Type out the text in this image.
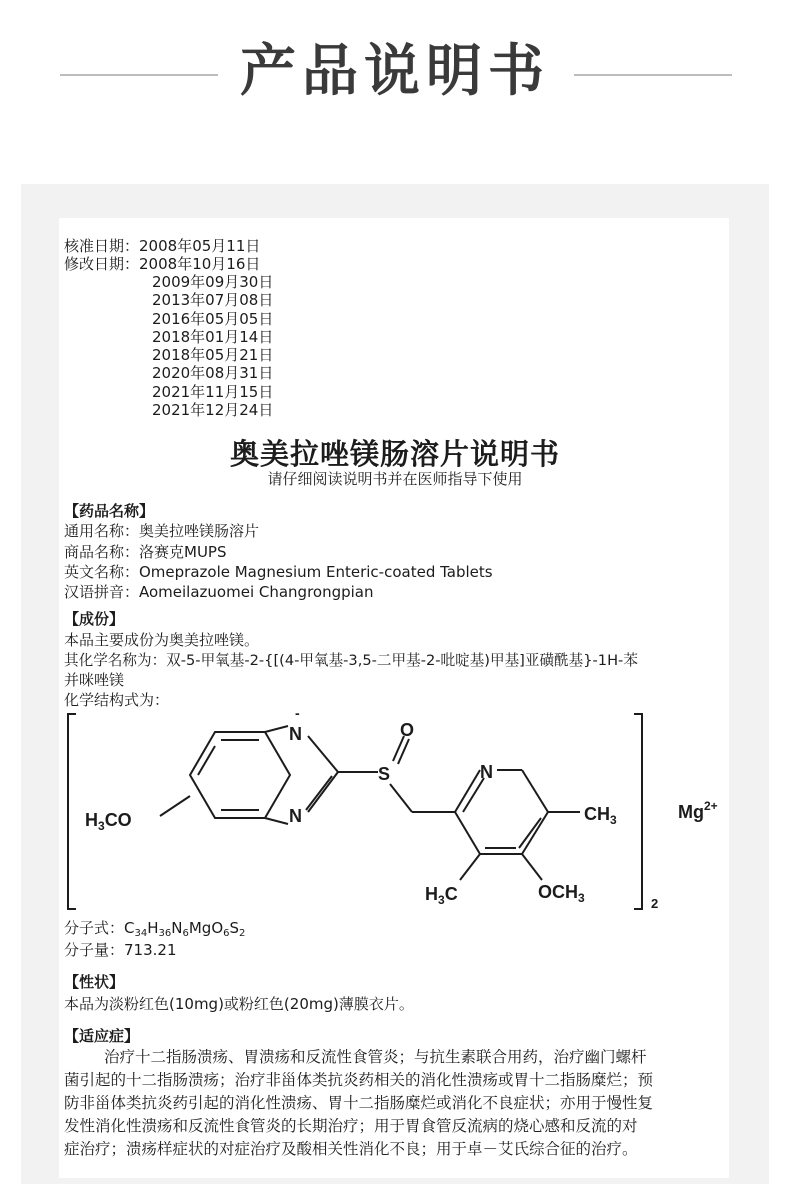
产品说明书
核准日期：2008年05月11日
修改日期：2008年10月16日
2009年09月30日
2013年07月08日
2016年05月05日
2018年01月14日
2018年05月21日
2020年08月31日
2021年11月15日
2021年12月24日
奥美拉唑镁肠溶片说明书
请仔细阅读说明书并在医师指导下使用
【药品名称】
通用名称：奥美拉唑镁肠溶片
商品名称：洛赛克MUPS
英文名称：Omeprazole Magnesium Enteric-coated Tablets
汉语拼音：Aomeilazuomei Changrongpian
【成份】
本品主要成份为奥美拉唑镁。
其化学名称为：双-5-甲氧基-2-{[(4-甲氧基-3,5-二甲基-2-吡啶基)甲基]亚磺酰基}-1H-苯
并咪唑镁
化学结构式为：
N
-
N
S
O
N
$H_3CO$	$CH_3$
$H_3C$	$OCH_3$
$Mg^{2+}$
2
分子式：$C_{34}H_{36}N_6MgO_6S_2$
分子量：713.21
【性状】
本品为淡粉红色(10mg)或粉红色(20mg)薄膜衣片。
【适应症】
治疗十二指肠溃疡、胃溃疡和反流性食管炎；与抗生素联合用药，治疗幽门螺杆
菌引起的十二指肠溃疡；治疗非甾体类抗炎药相关的消化性溃疡或胃十二指肠糜烂；预
防非甾体类抗炎药引起的消化性溃疡、胃十二指肠糜烂或消化不良症状；亦用于慢性复
发性消化性溃疡和反流性食管炎的长期治疗；用于胃食管反流病的烧心感和反流的对
症治疗；溃疡样症状的对症治疗及酸相关性消化不良；用于卓－艾氏综合征的治疗。
